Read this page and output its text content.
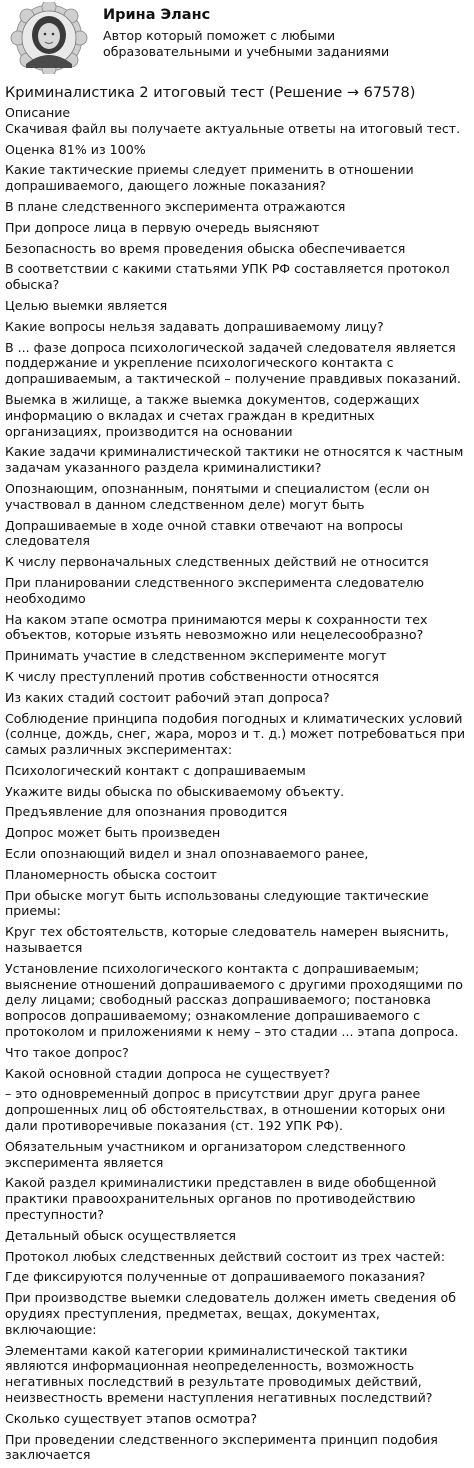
Ирина Эланс
Автор который поможет с любыми образовательными и учебными заданиями
Криминалистика 2 итоговый тест (Решение → 67578)
Описание
Скачивая файл вы получаете актуальные ответы на итоговый тест.
Оценка 81% из 100%
Какие тактические приемы следует применить в отношении допрашиваемого, дающего ложные показания?
В плане следственного эксперимента отражаются
При допросе лица в первую очередь выясняют
Безопасность во время проведения обыска обеспечивается
В соответствии с какими статьями УПК РФ составляется протокол обыска?
Целью выемки является
Какие вопросы нельзя задавать допрашиваемому лицу?
В ... фазе допроса психологической задачей следователя является поддержание и укрепление психологического контакта с допрашиваемым, а тактической – получение правдивых показаний.
Выемка в жилище, а также выемка документов, содержащих информацию о вкладах и счетах граждан в кредитных организациях, производится на основании
Какие задачи криминалистической тактики не относятся к частным задачам указанного раздела криминалистики?
Опознающим, опознанным, понятыми и специалистом (если он участвовал в данном следственном деле) могут быть
Допрашиваемые в ходе очной ставки отвечают на вопросы следователя
К числу первоначальных следственных действий не относится
При планировании следственного эксперимента следователю необходимо
На каком этапе осмотра принимаются меры к сохранности тех объектов, которые изъять невозможно или нецелесообразно?
Принимать участие в следственном эксперименте могут
К числу преступлений против собственности относятся
Из каких стадий состоит рабочий этап допроса?
Соблюдение принципа подобия погодных и климатических условий (солнце, дождь, снег, жара, мороз и т. д.) может потребоваться при самых различных экспериментах:
Психологический контакт с допрашиваемым
Укажите виды обыска по обыскиваемому объекту.
Предъявление для опознания проводится
Допрос может быть произведен
Если опознающий видел и знал опознаваемого ранее,
Планомерность обыска состоит
При обыске могут быть использованы следующие тактические приемы:
Круг тех обстоятельств, которые следователь намерен выяснить, называется
Установление психологического контакта с допрашиваемым; выяснение отношений допрашиваемого с другими проходящими по делу лицами; свободный рассказ допрашиваемого; постановка вопросов допрашиваемому; ознакомление допрашиваемого с протоколом и приложениями к нему – это стадии ... этапа допроса.
Что такое допрос?
Какой основной стадии допроса не существует?
– это одновременный допрос в присутствии друг друга ранее допрошенных лиц об обстоятельствах, в отношении которых они дали противоречивые показания (ст. 192 УПК РФ).
Обязательным участником и организатором следственного эксперимента является
Какой раздел криминалистики представлен в виде обобщенной практики правоохранительных органов по противодействию преступности?
Детальный обыск осуществляется
Протокол любых следственных действий состоит из трех частей:
Где фиксируются полученные от допрашиваемого показания?
При производстве выемки следователь должен иметь сведения об орудиях преступления, предметах, вещах, документах, включающие:
Элементами какой категории криминалистической тактики являются информационная неопределенность, возможность негативных последствий в результате проводимых действий, неизвестность времени наступления негативных последствий?
Сколько существует этапов осмотра?
При проведении следственного эксперимента принцип подобия заключается
